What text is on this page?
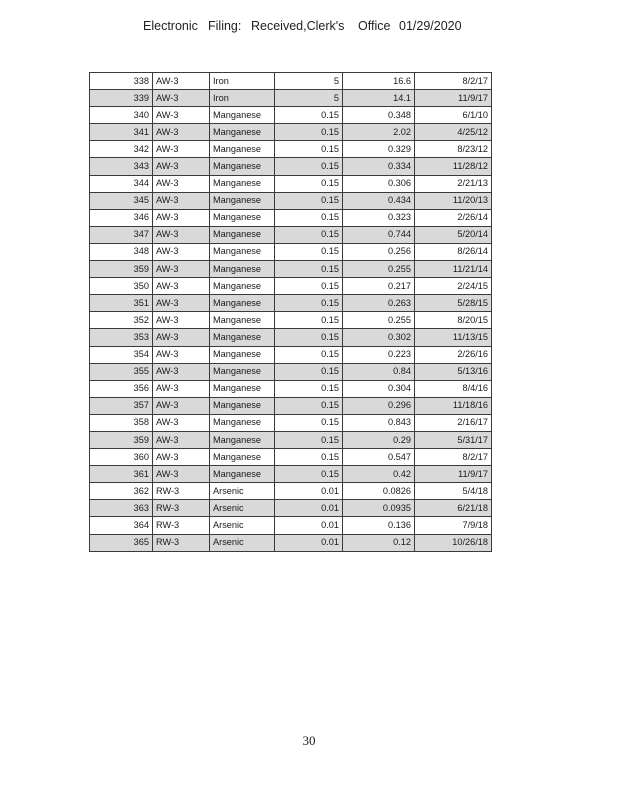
Electronic Filing: Received,Clerk's Office 01/29/2020
338	AW-3	Iron	5	16.6	8/2/17
339	AW-3	Iron	5	14.1	11/9/17
340	AW-3	Manganese	0.15	0.348	6/1/10
341	AW-3	Manganese	0.15	2.02	4/25/12
342	AW-3	Manganese	0.15	0.329	8/23/12
343	AW-3	Manganese	0.15	0.334	11/28/12
344	AW-3	Manganese	0.15	0.306	2/21/13
345	AW-3	Manganese	0.15	0.434	11/20/13
346	AW-3	Manganese	0.15	0.323	2/26/14
347	AW-3	Manganese	0.15	0.744	5/20/14
348	AW-3	Manganese	0.15	0.256	8/26/14
359	AW-3	Manganese	0.15	0.255	11/21/14
350	AW-3	Manganese	0.15	0.217	2/24/15
351	AW-3	Manganese	0.15	0.263	5/28/15
352	AW-3	Manganese	0.15	0.255	8/20/15
353	AW-3	Manganese	0.15	0.302	11/13/15
354	AW-3	Manganese	0.15	0.223	2/26/16
355	AW-3	Manganese	0.15	0.84	5/13/16
356	AW-3	Manganese	0.15	0.304	8/4/16
357	AW-3	Manganese	0.15	0.296	11/18/16
358	AW-3	Manganese	0.15	0.843	2/16/17
359	AW-3	Manganese	0.15	0.29	5/31/17
360	AW-3	Manganese	0.15	0.547	8/2/17
361	AW-3	Manganese	0.15	0.42	11/9/17
362	RW-3	Arsenic	0.01	0.0826	5/4/18
363	RW-3	Arsenic	0.01	0.0935	6/21/18
364	RW-3	Arsenic	0.01	0.136	7/9/18
365	RW-3	Arsenic	0.01	0.12	10/26/18
30
